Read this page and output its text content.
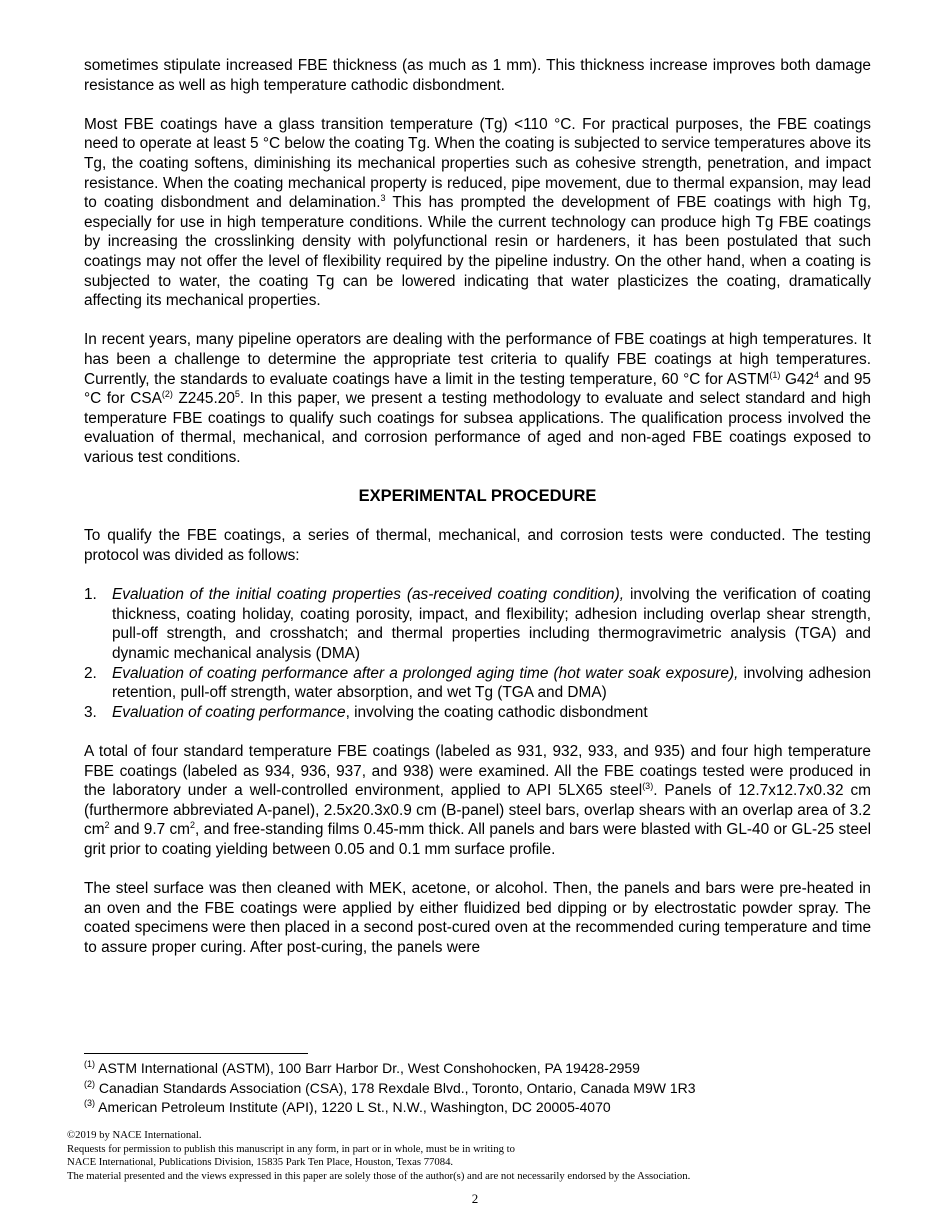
sometimes stipulate increased FBE thickness (as much as 1 mm). This thickness increase improves both damage resistance as well as high temperature cathodic disbondment.

Most FBE coatings have a glass transition temperature (Tg) <110 °C. For practical purposes, the FBE coatings need to operate at least 5 °C below the coating Tg. When the coating is subjected to service temperatures above its Tg, the coating softens, diminishing its mechanical properties such as cohesive strength, penetration, and impact resistance. When the coating mechanical property is reduced, pipe movement, due to thermal expansion, may lead to coating disbondment and delamination.$^3$ This has prompted the development of FBE coatings with high Tg, especially for use in high temperature conditions. While the current technology can produce high Tg FBE coatings by increasing the crosslinking density with polyfunctional resin or hardeners, it has been postulated that such coatings may not offer the level of flexibility required by the pipeline industry. On the other hand, when a coating is subjected to water, the coating Tg can be lowered indicating that water plasticizes the coating, dramatically affecting its mechanical properties.

In recent years, many pipeline operators are dealing with the performance of FBE coatings at high temperatures. It has been a challenge to determine the appropriate test criteria to qualify FBE coatings at high temperatures. Currently, the standards to evaluate coatings have a limit in the testing temperature, 60 °C for ASTM$^{(1)}$ $G42^4$ and 95 °C for CSA$^{(2)}$ Z245.20$^5$. In this paper, we present a testing methodology to evaluate and select standard and high temperature FBE coatings to qualify such coatings for subsea applications. The qualification process involved the evaluation of thermal, mechanical, and corrosion performance of aged and non-aged FBE coatings exposed to various test conditions.

EXPERIMENTAL PROCEDURE

To qualify the FBE coatings, a series of thermal, mechanical, and corrosion tests were conducted. The testing protocol was divided as follows:

1. Evaluation of the initial coating properties (as-received coating condition), involving the verification of coating thickness, coating holiday, coating porosity, impact, and flexibility; adhesion including overlap shear strength, pull-off strength, and crosshatch; and thermal properties including thermogravimetric analysis (TGA) and dynamic mechanical analysis (DMA)
2. Evaluation of coating performance after a prolonged aging time (hot water soak exposure), involving adhesion retention, pull-off strength, water absorption, and wet Tg (TGA and DMA)
3. Evaluation of coating performance, involving the coating cathodic disbondment

A total of four standard temperature FBE coatings (labeled as 931, 932, 933, and 935) and four high temperature FBE coatings (labeled as 934, 936, 937, and 938) were examined. All the FBE coatings tested were produced in the laboratory under a well-controlled environment, applied to API 5LX65 steel$^{(3)}$. Panels of 12.7x12.7x0.32 cm (furthermore abbreviated A-panel), 2.5x20.3x0.9 cm (B-panel) steel bars, overlap shears with an overlap area of 3.2 $cm^2$ and 9.7 $cm^2$, and free-standing films 0.45-mm thick. All panels and bars were blasted with GL-40 or GL-25 steel grit prior to coating yielding between 0.05 and 0.1 mm surface profile.

The steel surface was then cleaned with MEK, acetone, or alcohol. Then, the panels and bars were pre-heated in an oven and the FBE coatings were applied by either fluidized bed dipping or by electrostatic powder spray. The coated specimens were then placed in a second post-cured oven at the recommended curing temperature and time to assure proper curing. After post-curing, the panels were

$^{(1)}$ ASTM International (ASTM), 100 Barr Harbor Dr., West Conshohocken, PA 19428-2959
$^{(2)}$ Canadian Standards Association (CSA), 178 Rexdale Blvd., Toronto, Ontario, Canada M9W 1R3
$^{(3)}$ American Petroleum Institute (API), 1220 L St., N.W., Washington, DC 20005-4070
©2019 by NACE International.
Requests for permission to publish this manuscript in any form, in part or in whole, must be in writing to
NACE International, Publications Division, 15835 Park Ten Place, Houston, Texas 77084.
The material presented and the views expressed in this paper are solely those of the author(s) and are not necessarily endorsed by the Association.
2
